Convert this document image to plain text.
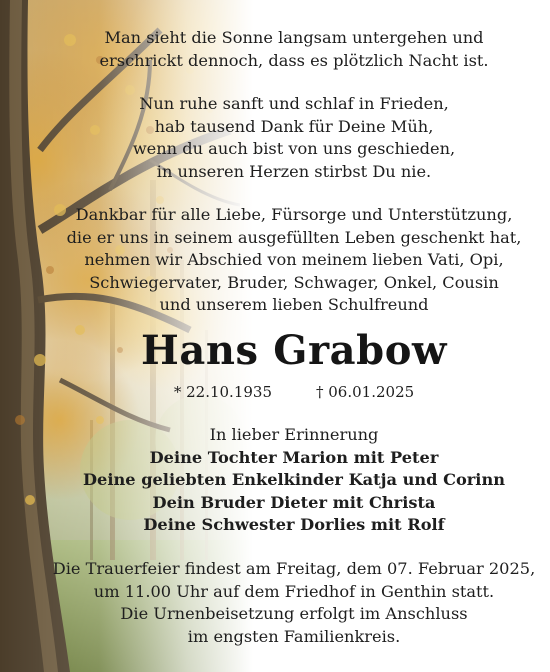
Man sieht die Sonne langsam untergehen und
erschrickt dennoch, dass es plötzlich Nacht ist.
Nun ruhe sanft und schlaf in Frieden,
hab tausend Dank für Deine Müh,
wenn du auch bist von uns geschieden,
in unseren Herzen stirbst Du nie.
Dankbar für alle Liebe, Fürsorge und Unterstützung,
die er uns in seinem ausgefüllten Leben geschenkt hat,
nehmen wir Abschied von meinem lieben Vati, Opi,
Schwiegervater, Bruder, Schwager, Onkel, Cousin
und unserem lieben Schulfreund
Hans Grabow
* 22.10.1935	† 06.01.2025
In lieber Erinnerung
Deine Tochter Marion mit Peter
Deine geliebten Enkelkinder Katja und Corinn
Dein Bruder Dieter mit Christa
Deine Schwester Dorlies mit Rolf
Die Trauerfeier findest am Freitag, dem 07. Februar 2025,
um 11.00 Uhr auf dem Friedhof in Genthin statt.
Die Urnenbeisetzung erfolgt im Anschluss
im engsten Familienkreis.
